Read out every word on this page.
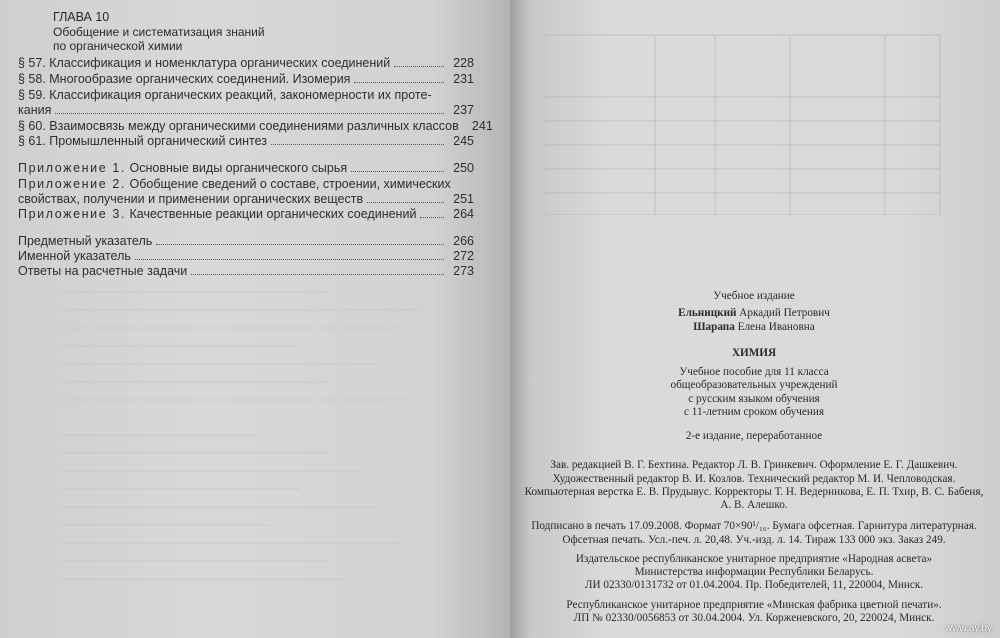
ГЛАВА 10
Обобщение и систематизация знаний
по органической химии
§ 57. Классификация и номенклатура органических соединений	228
§ 58. Многообразие органических соединений. Изомерия	231
§ 59. Классификация органических реакций, закономерности их проте-
кания	237
§ 60. Взаимосвязь между органическими соединениями различных классов	241
§ 61. Промышленный органический синтез	245
Приложение 1. Основные виды органического сырья	250
Приложение 2. Обобщение сведений о составе, строении, химических
свойствах, получении и применении органических веществ	251
Приложение 3. Качественные реакции органических соединений	264
Предметный указатель	266
Именной указатель	272
Ответы на расчетные задачи	273
Учебное издание
Ельницкий Аркадий Петрович
Шарапа Елена Ивановна
ХИМИЯ
Учебное пособие для 11 класса
общеобразовательных учреждений
с русским языком обучения
с 11-летним сроком обучения
2-е издание, переработанное
Зав. редакцией В. Г. Бехтина. Редактор Л. В. Гринкевич. Оформление Е. Г. Дашкевич.
Художественный редактор В. И. Козлов. Технический редактор М. И. Чепловодская.
Компьютерная верстка Е. В. Прудывус. Корректоры Т. Н. Ведерникова, Е. П. Тхир, В. С. Бабеня,
А. В. Алешко.
Подписано в печать 17.09.2008. Формат 70×90¹/₁₆. Бумага офсетная. Гарнитура литературная.
Офсетная печать. Усл.-печ. л. 20,48. Уч.-изд. л. 14. Тираж 133 000 экз. Заказ 249.
Издательское республиканское унитарное предприятие «Народная асвета»
Министерства информации Республики Беларусь.
ЛИ 02330/0131732 от 01.04.2004. Пр. Победителей, 11, 220004, Минск.
Республиканское унитарное предприятие «Минская фабрика цветной печати».
ЛП № 02330/0056853 от 30.04.2004. Ул. Корженевского, 20, 220024, Минск.
www.ay.by
